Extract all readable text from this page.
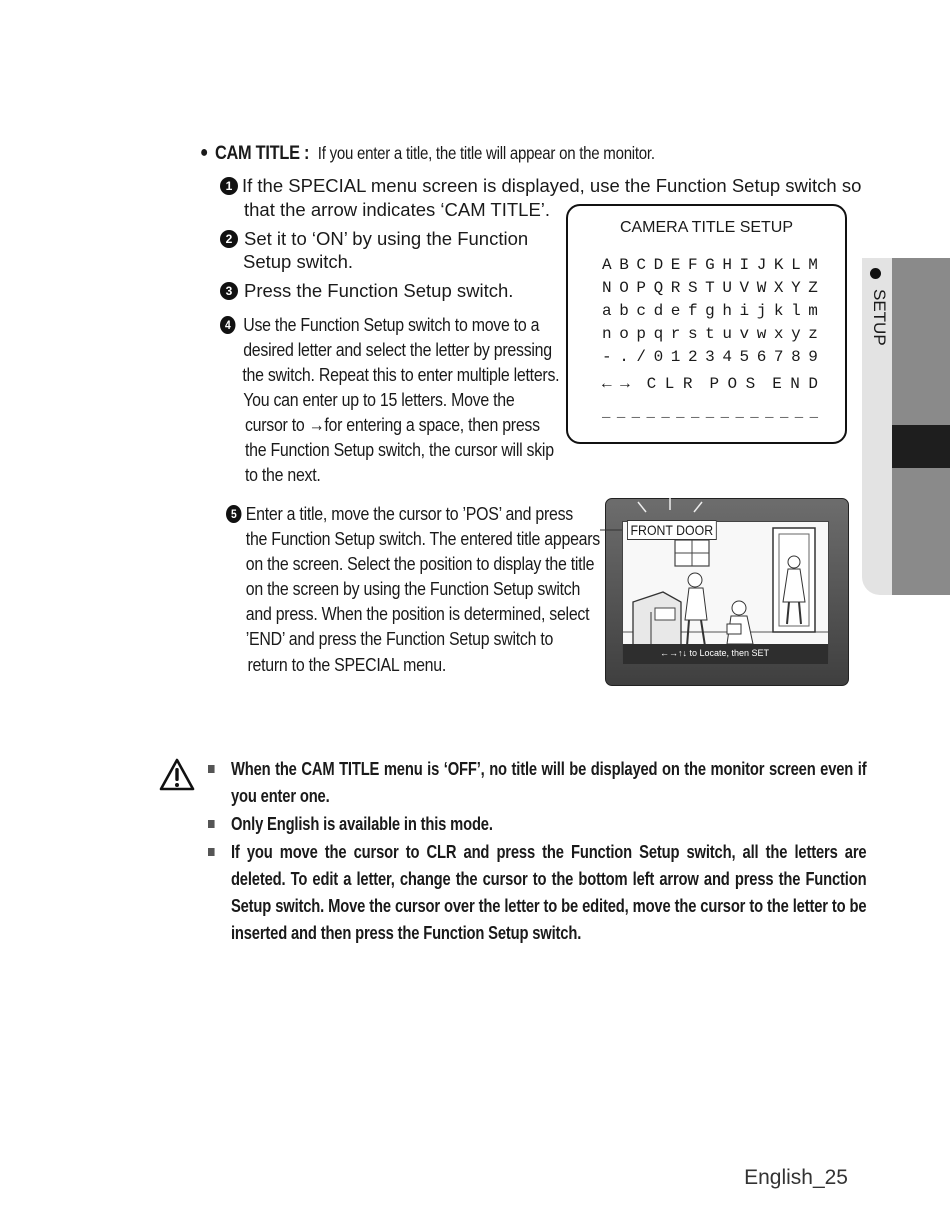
● CAM TITLE : If you enter a title, the title will appear on the monitor.
1 If the SPECIAL menu screen is displayed, use the Function Setup switch so
that the arrow indicates ‘CAM TITLE’.
2 Set it to ‘ON’ by using the Function
Setup switch.
3 Press the Function Setup switch.
4 Use the Function Setup switch to move to a
desired letter and select the letter by pressing
the switch. Repeat this to enter multiple letters.
You can enter up to 15 letters. Move the
cursor to →for entering a space, then press
the Function Setup switch, the cursor will skip
to the next.
5 Enter a title, move the cursor to ’POS’ and press
the Function Setup switch. The entered title appears
on the screen. Select the position to display the title
on the screen by using the Function Setup switch
and press. When the position is determined, select
’END’ and press the Function Setup switch to
return to the SPECIAL menu.
CAMERA TITLE SETUP
A B C D E F G H I J K L M
N O P Q R S T U V W X Y Z
a b c d e f g h i j k l m
n o p q r s t u v w x y z
- . / 0 1 2 3 4 5 6 7 8 9
← → C L R P O S E N D
_ _ _ _ _ _ _ _ _ _ _ _ _ _ _
SETUP
FRONT DOOR
←→↑↓ to Locate, then SET
When the CAM TITLE menu is ‘OFF’, no title will be displayed on the monitor screen even if you enter one.
Only English is available in this mode.
If you move the cursor to CLR and press the Function Setup switch, all the letters are deleted. To edit a letter, change the cursor to the bottom left arrow and press the Function Setup switch. Move the cursor over the letter to be edited, move the cursor to the letter to be inserted and then press the Function Setup switch.
English_25
